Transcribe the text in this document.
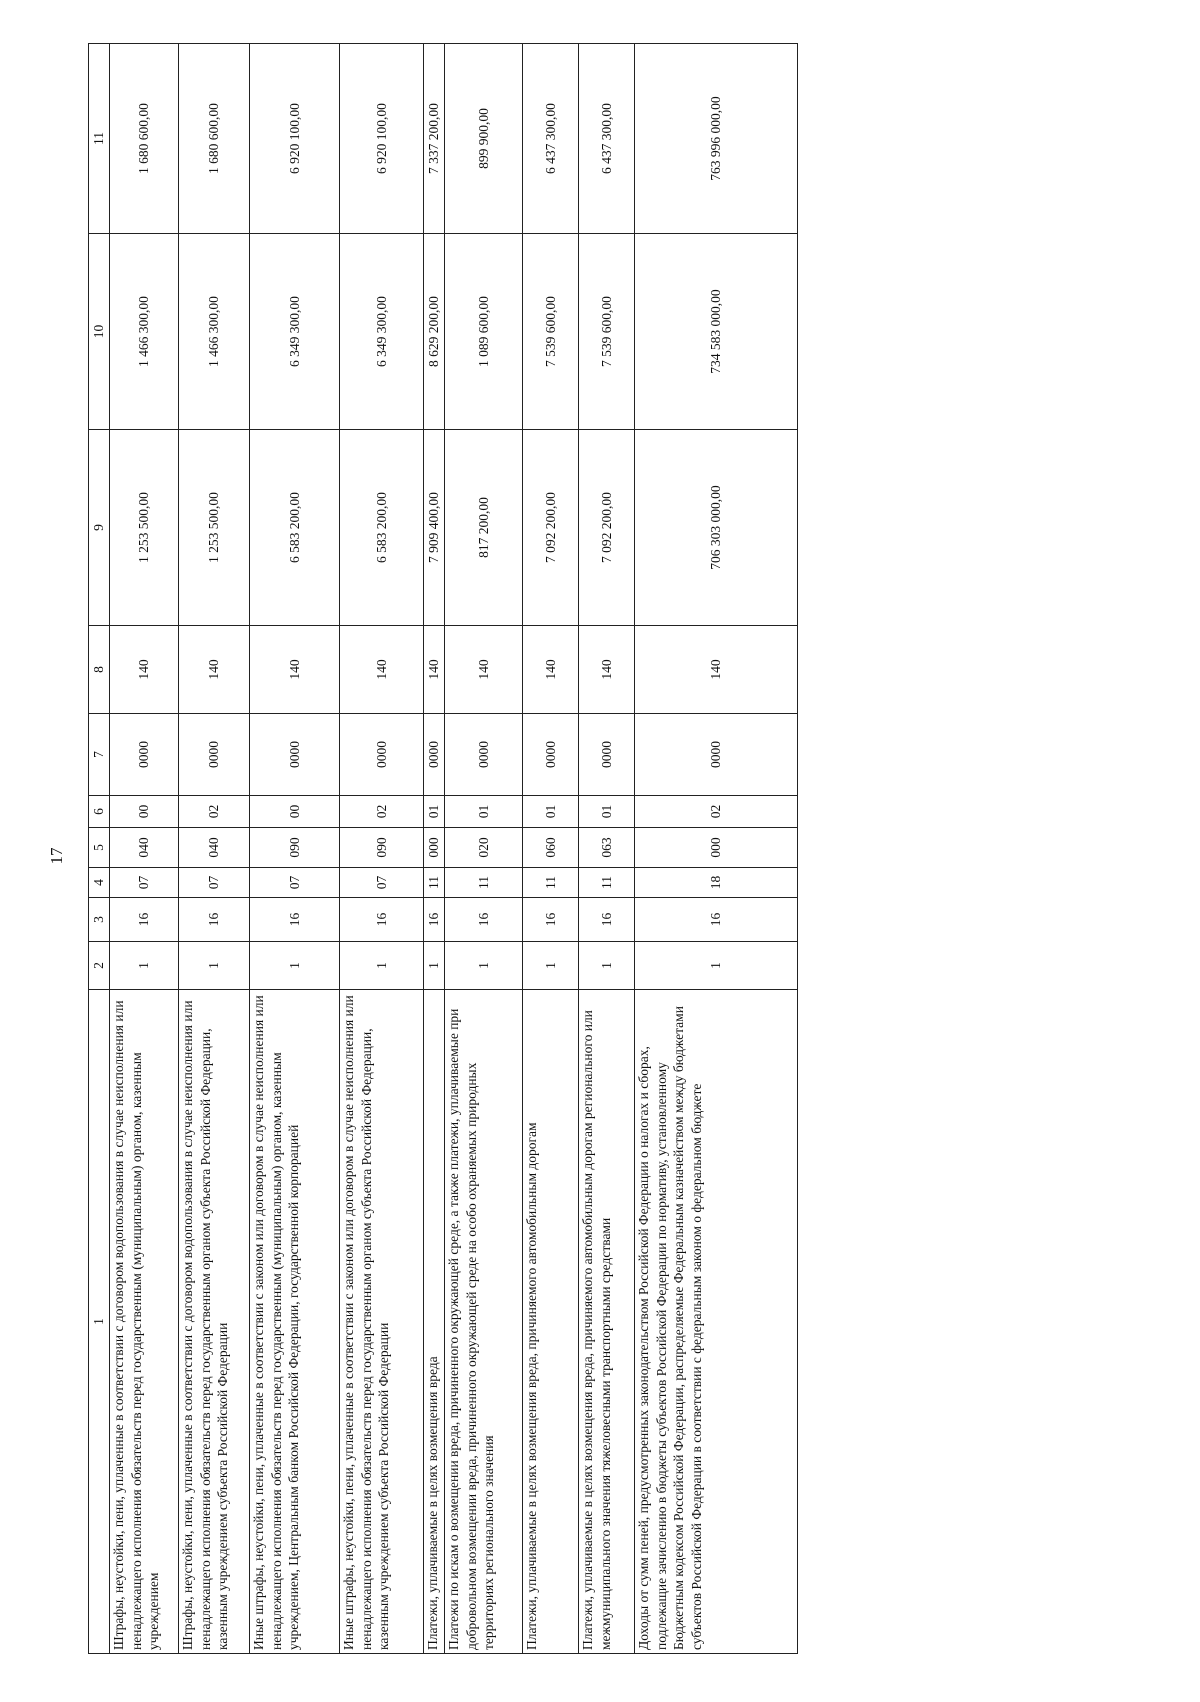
17
1	2	3	4	5	6	7	8	9	10	11
Штрафы, неустойки, пени, уплаченные в соответствии с договором водопользования в случае неисполнения или ненадлежащего исполнения обязательств перед государственным (муниципальным) органом, казенным учреждением	1	16	07	040	00	0000	140	1 253 500,00	1 466 300,00	1 680 600,00
Штрафы, неустойки, пени, уплаченные в соответствии с договором водопользования в случае неисполнения или ненадлежащего исполнения обязательств перед государственным органом субъекта Российской Федерации, казенным учреждением субъекта Российской Федерации	1	16	07	040	02	0000	140	1 253 500,00	1 466 300,00	1 680 600,00
Иные штрафы, неустойки, пени, уплаченные в соответствии с законом или договором в случае неисполнения или ненадлежащего исполнения обязательств перед государственным (муниципальным) органом, казенным учреждением, Центральным банком Российской Федерации, государственной корпорацией	1	16	07	090	00	0000	140	6 583 200,00	6 349 300,00	6 920 100,00
Иные штрафы, неустойки, пени, уплаченные в соответствии с законом или договором в случае неисполнения или ненадлежащего исполнения обязательств перед государственным органом субъекта Российской Федерации, казенным учреждением субъекта Российской Федерации	1	16	07	090	02	0000	140	6 583 200,00	6 349 300,00	6 920 100,00
Платежи, уплачиваемые в целях возмещения вреда	1	16	11	000	01	0000	140	7 909 400,00	8 629 200,00	7 337 200,00
Платежи по искам о возмещении вреда, причиненного окружающей среде, а также платежи, уплачиваемые при добровольном возмещении вреда, причиненного окружающей среде на особо охраняемых природных территориях регионального значения	1	16	11	020	01	0000	140	817 200,00	1 089 600,00	899 900,00
Платежи, уплачиваемые в целях возмещения вреда, причиняемого автомобильным дорогам	1	16	11	060	01	0000	140	7 092 200,00	7 539 600,00	6 437 300,00
Платежи, уплачиваемые в целях возмещения вреда, причиняемого автомобильным дорогам регионального или межмуниципального значения тяжеловесными транспортными средствами	1	16	11	063	01	0000	140	7 092 200,00	7 539 600,00	6 437 300,00
Доходы от сумм пеней, предусмотренных законодательством Российской Федерации о налогах и сборах, подлежащие зачислению в бюджеты субъектов Российской Федерации по нормативу, установленному Бюджетным кодексом Российской Федерации, распределяемые Федеральным казначейством между бюджетами субъектов Российской Федерации в соответствии с федеральным законом о федеральном бюджете	1	16	18	000	02	0000	140	706 303 000,00	734 583 000,00	763 996 000,00
